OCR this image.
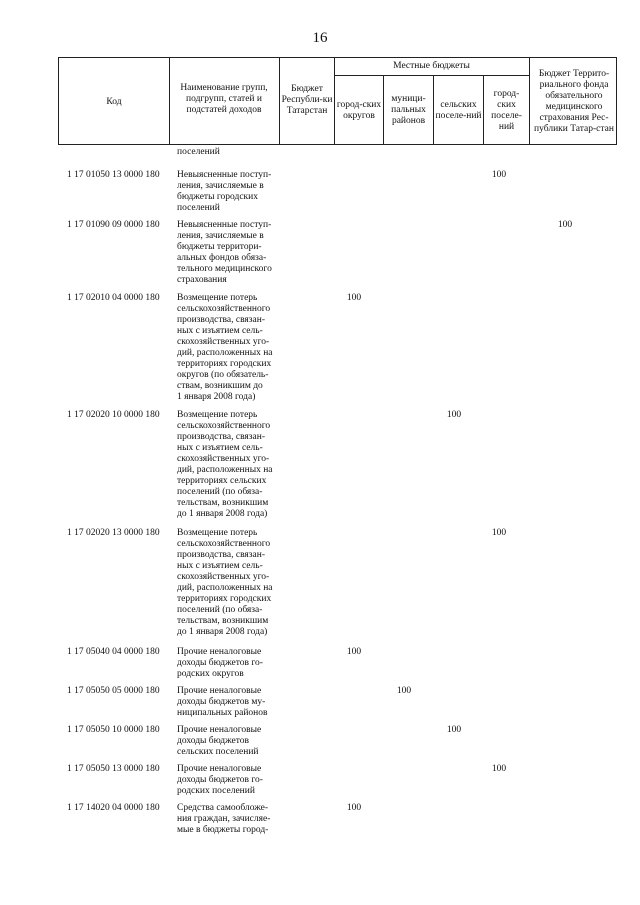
16
Код
Наименование групп, подгрупп, статей и подстатей доходов
Бюджет Республи-ки Татарстан
Местные бюджеты
город-ских округов
муници-пальных районов
сельских поселе-ний
город-ских поселе-ний
Бюджет Террито-риального фонда обязательного медицинского страхования Рес-публики Татар-стан
поселений
1 17 01050 13 0000 180 Невыясненные поступ-
ления, зачисляемые в
бюджеты городских
поселений
100
1 17 01090 09 0000 180 Невыясненные поступ-
ления, зачисляемые в
бюджеты территори-
альных фондов обяза-
тельного медицинского
страхования
100
1 17 02010 04 0000 180 Возмещение потерь
сельскохозяйственного
производства, связан-
ных с изъятием сель-
скохозяйственных уго-
дий, расположенных на
территориях городских
округов (по обязатель-
ствам, возникшим до
1 января 2008 года)
100
1 17 02020 10 0000 180 Возмещение потерь
сельскохозяйственного
производства, связан-
ных с изъятием сель-
скохозяйственных уго-
дий, расположенных на
территориях сельских
поселений (по обяза-
тельствам, возникшим
до 1 января 2008 года)
100
1 17 02020 13 0000 180 Возмещение потерь
сельскохозяйственного
производства, связан-
ных с изъятием сель-
скохозяйственных уго-
дий, расположенных на
территориях городских
поселений (по обяза-
тельствам, возникшим
до 1 января 2008 года)
100
1 17 05040 04 0000 180 Прочие неналоговые
доходы бюджетов го-
родских округов
100
1 17 05050 05 0000 180 Прочие неналоговые
доходы бюджетов му-
ниципальных районов
100
1 17 05050 10 0000 180 Прочие неналоговые
доходы бюджетов
сельских поселений
100
1 17 05050 13 0000 180 Прочие неналоговые
доходы бюджетов го-
родских поселений
100
1 17 14020 04 0000 180 Средства самообложе-
ния граждан, зачисляе-
мые в бюджеты город-
100
